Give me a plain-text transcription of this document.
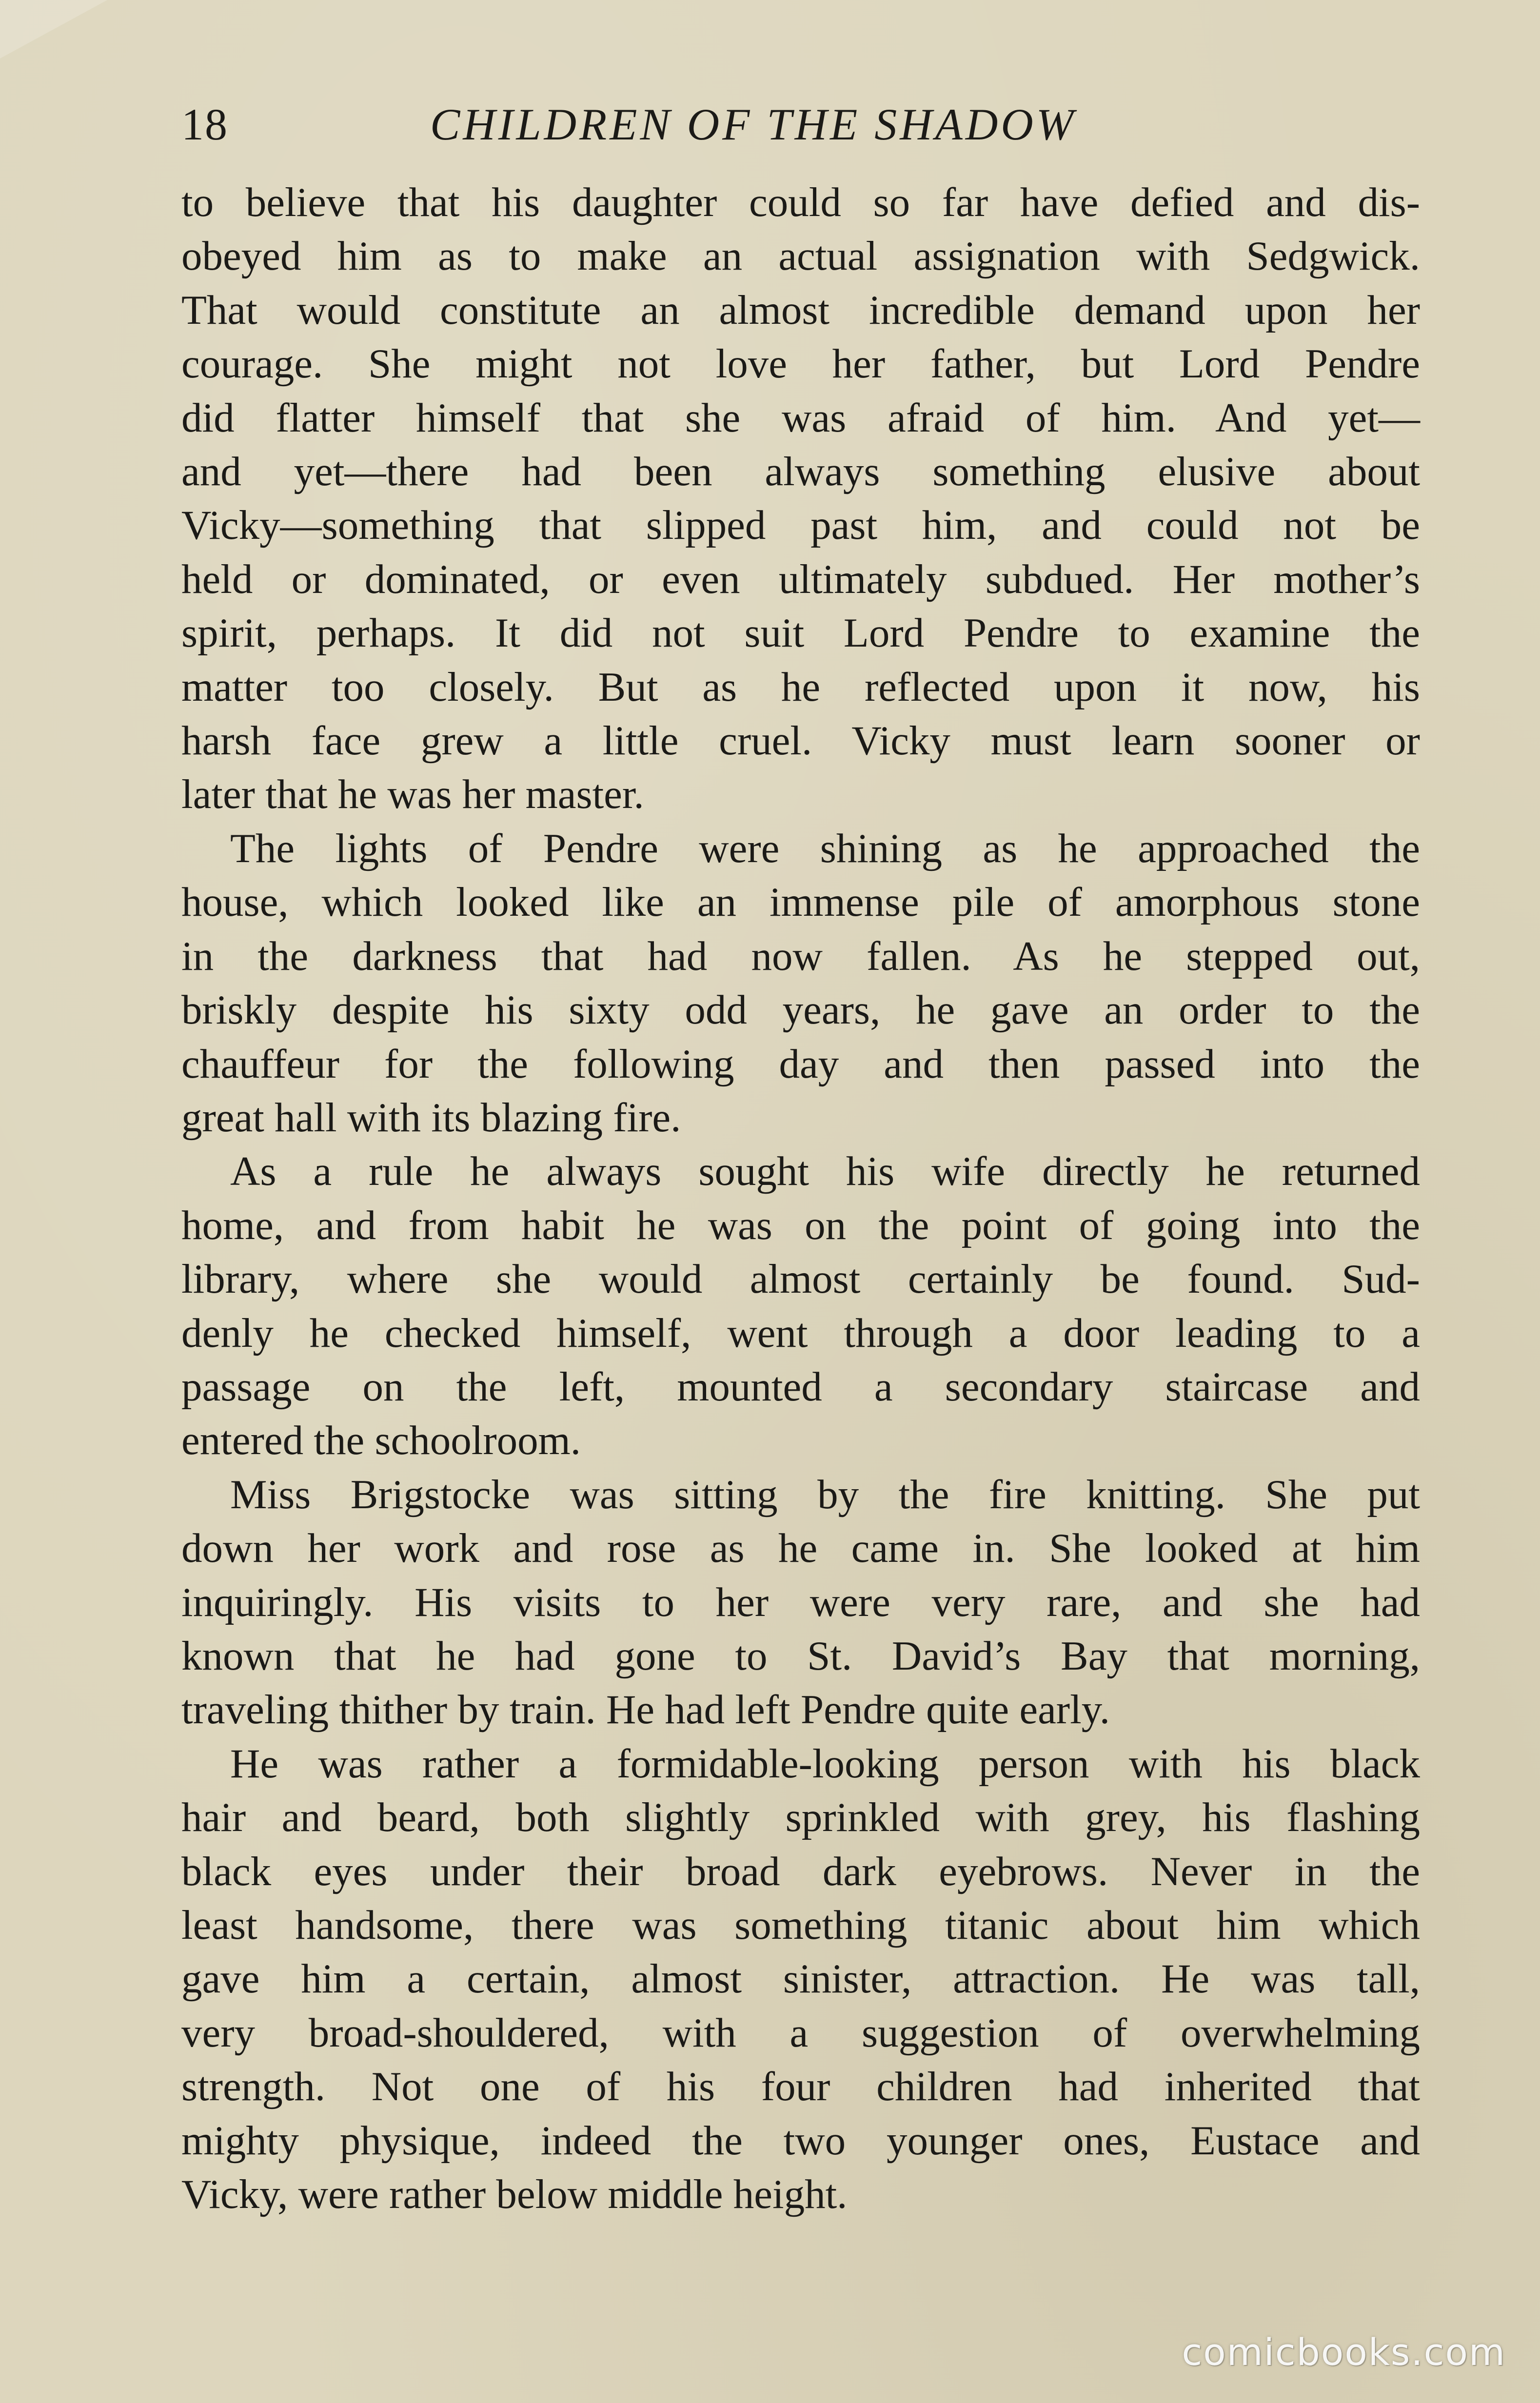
18	CHILDREN OF THE SHADOW

to believe that his daughter could so far have defied and dis-
obeyed him as to make an actual assignation with Sedgwick.
That would constitute an almost incredible demand upon her
courage. She might not love her father, but Lord Pendre
did flatter himself that she was afraid of him. And yet—
and yet—there had been always something elusive about
Vicky—something that slipped past him, and could not be
held or dominated, or even ultimately subdued. Her mother’s
spirit, perhaps. It did not suit Lord Pendre to examine the
matter too closely. But as he reflected upon it now, his
harsh face grew a little cruel. Vicky must learn sooner or
later that he was her master.

The lights of Pendre were shining as he approached the
house, which looked like an immense pile of amorphous stone
in the darkness that had now fallen. As he stepped out,
briskly despite his sixty odd years, he gave an order to the
chauffeur for the following day and then passed into the
great hall with its blazing fire.

As a rule he always sought his wife directly he returned
home, and from habit he was on the point of going into the
library, where she would almost certainly be found. Sud-
denly he checked himself, went through a door leading to a
passage on the left, mounted a secondary staircase and
entered the schoolroom.

Miss Brigstocke was sitting by the fire knitting. She put
down her work and rose as he came in. She looked at him
inquiringly. His visits to her were very rare, and she had
known that he had gone to St. David’s Bay that morning,
traveling thither by train. He had left Pendre quite early.

He was rather a formidable-looking person with his black
hair and beard, both slightly sprinkled with grey, his flashing
black eyes under their broad dark eyebrows. Never in the
least handsome, there was something titanic about him which
gave him a certain, almost sinister, attraction. He was tall,
very broad-shouldered, with a suggestion of overwhelming
strength. Not one of his four children had inherited that
mighty physique, indeed the two younger ones, Eustace and
Vicky, were rather below middle height.

comicbooks.com
